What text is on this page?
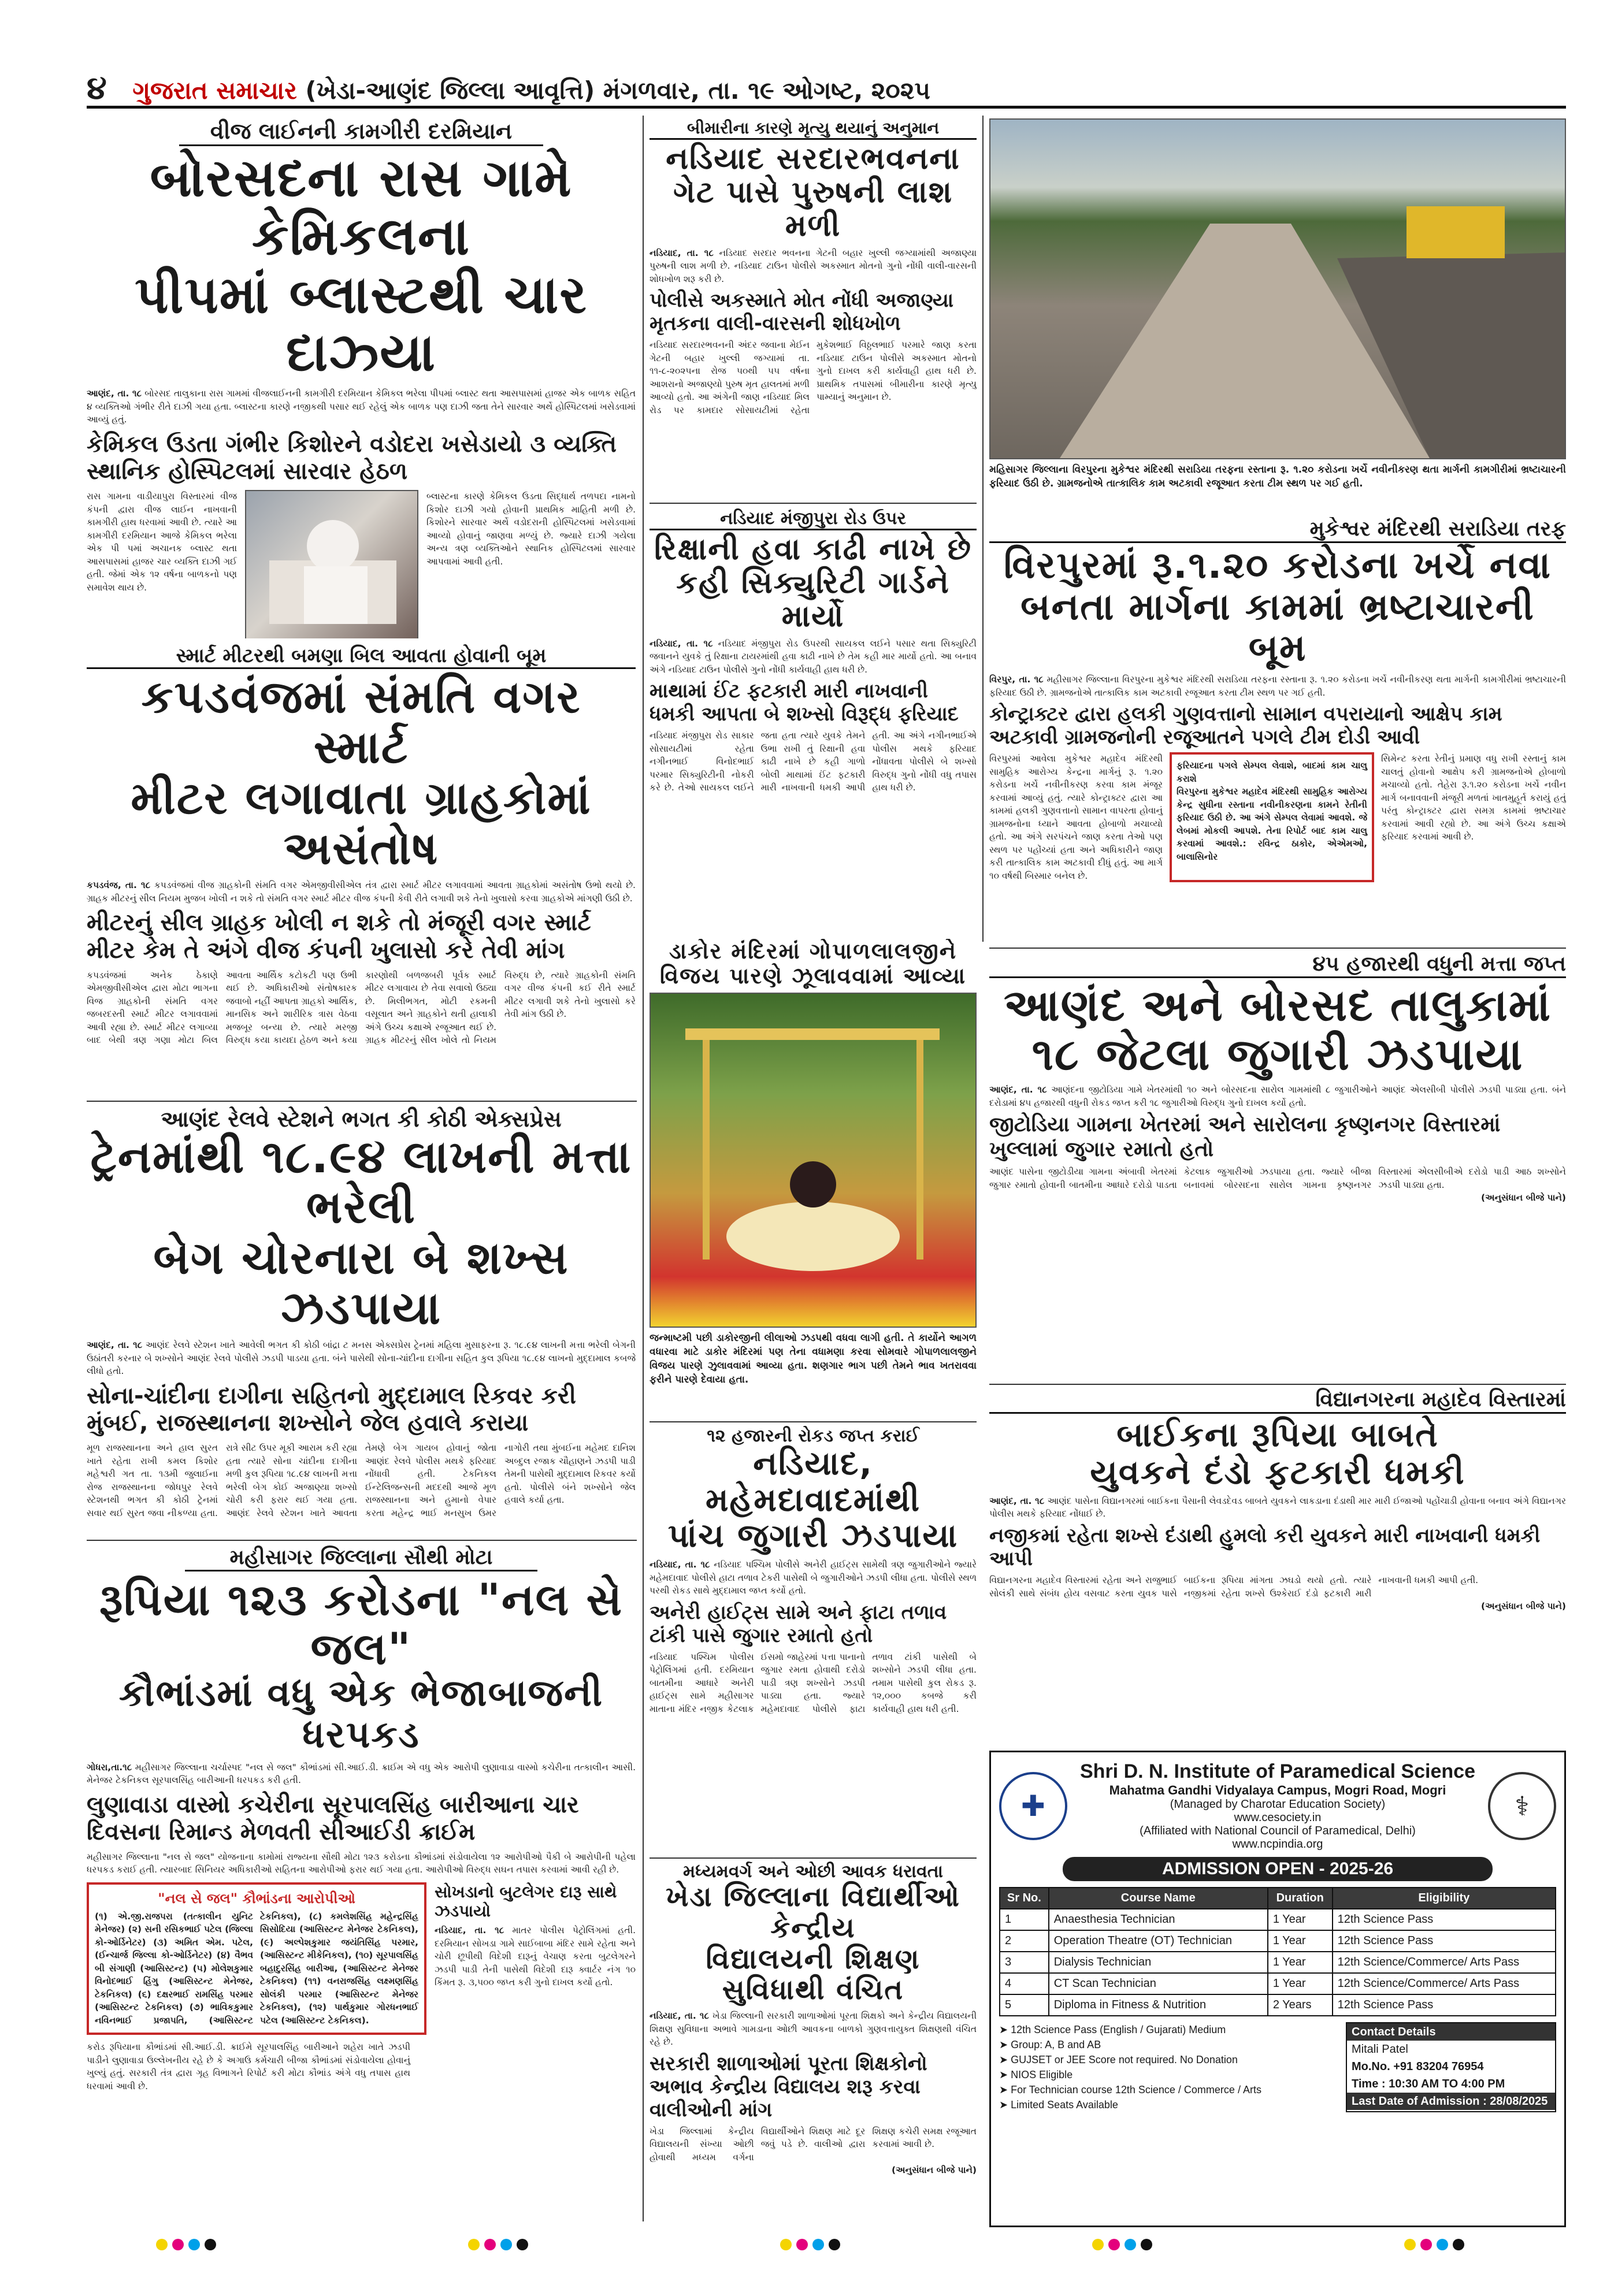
૪ ગુજરાત સમાચાર (ખેડા-આણંદ જિલ્લા આવૃત્તિ) મંગળવાર, તા. ૧૯ ઓગષ્ટ, ૨૦૨૫
વીજ લાઈનની કામગીરી દરમિયાન
બોરસદના રાસ ગામે કેમિકલના
પીપમાં બ્લાસ્ટથી ચાર દાઝ્યા
આણંદ, તા. ૧૮ બોરસદ તાલુકાના રાસ ગામમાં વીજલાઈનની કામગીરી દરમિયાન કેમિકલ ભરેલા પીપમાં બ્લાસ્ટ થતા આસપાસમાં હાજર એક બાળક સહિત ૪ વ્યક્તિઓ ગંભીર રીતે દાઝી ગયા હતા. બ્લાસ્ટના કારણે નજીકથી પસાર થઈ રહેલું એક બાળક પણ દાઝી જતા તેને સારવાર અર્થે હોસ્પિટલમાં ખસેડવામાં આવ્યું હતું.
કેમિકલ ઉડતા ગંભીર કિશોરને વડોદરા ખસેડાયો ૩ વ્યક્તિ સ્થાનિક હોસ્પિટલમાં સારવાર હેઠળ
રાસ ગામના વાડીયાપુરા વિસ્તારમાં વીજ કંપની દ્વારા વીજ લાઈન નાખવાની કામગીરી હાથ ધરવામાં આવી છે. ત્યારે આ કામગીરી દરમિયાન આજે કેમિકલ ભરેલા એક પી પમાં અચાનક બ્લાસ્ટ થતા આસપાસમાં હાજર ચાર વ્યક્તિ દાઝી ગઈ હતી. જેમાં એક ૧૨ વર્ષના બાળકનો પણ સમાવેશ થાય છે.
બ્લાસ્ટના કારણે કેમિકલ ઉડતા સિદ્ધાર્થ તળપદા નામનો કિશોર દાઝી ગયો હોવાની પ્રાથમિક માહિતી મળી છે. કિશોરને સારવાર અર્થે વડોદરાની હોસ્પિટલમાં ખસેડવામાં આવ્યો હોવાનું જાણવા મળ્યું છે. જ્યારે દાઝી ગયેલા અન્ય ત્રણ વ્યક્તિઓને સ્થાનિક હોસ્પિટલમાં સારવાર આપવામાં આવી હતી.
સ્માર્ટ મીટરથી બમણા બિલ આવતા હોવાની બૂમ
કપડવંજમાં સંમતિ વગર સ્માર્ટ
મીટર લગાવાતા ગ્રાહકોમાં અસંતોષ
કપડવંજ, તા. ૧૮ કપડવંજમાં વીજ ગ્રાહકોની સંમતિ વગર એમજીવીસીએલ તંત્ર દ્વારા સ્માર્ટ મીટર લગાવવામાં આવતા ગ્રાહકોમાં અસંતોષ ઉભો થયો છે. ગ્રાહક મીટરનું સીલ નિયમ મુજબ ખોલી ન શકે તો સંમતિ વગર સ્માર્ટ મીટર વીજ કંપની કેવી રીતે લગાવી શકે તેનો ખુલાસો કરવા ગ્રાહકોએ માંગણી ઉઠી છે.
મીટરનું સીલ ગ્રાહક ખોલી ન શકે તો મંજૂરી વગર સ્માર્ટ મીટર કેમ તે અંગે વીજ કંપની ખુલાસો કરે તેવી માંગ
કપડવંજમાં અનેક ઠેકાણે એમજીવીસીએલ દ્વારા મોટા ભાગના વિજ ગ્રાહકોની સંમતિ વગર જબરદસ્તી સ્માર્ટ મીટર લગાવવામાં આવી રહ્યા છે. સ્માર્ટ મીટર લગાવ્યા બાદ બેથી ત્રણ ગણા મોટા બિલ આવતા આર્થિક કટોકટી પણ ઉભી થઈ છે. અધિકારીઓ સંતોષકારક જવાબો નહીં આપતા ગ્રાહકો આર્થિક, માનસિક અને શારીરિક ત્રાસ વેઠવા મજબૂર બન્યા છે. ત્યારે મરજી વિરુદ્ધ કયા કાયદા હેઠળ અને કયા કારણોથી બળજબરી પૂર્વક સ્માર્ટ મીટર લગાવાય છે તેવા સવાલો ઉઠ્યા છે. મિલીભગત, મોટી રકમની વસૂલાત અને ગ્રાહકોને થતી હાલાકી અંગે ઉચ્ચ કક્ષાએ રજૂઆત થઈ છે. ગ્રાહક મીટરનું સીલ ખોલે તો નિયમ વિરુદ્ધ છે, ત્યારે ગ્રાહકોની સંમતિ વગર વીજ કંપની કઈ રીતે સ્માર્ટ મીટર લગાવી શકે તેનો ખુલાસો કરે તેવી માંગ ઉઠી છે.
આણંદ રેલવે સ્ટેશને ભગત કી કોઠી એક્સપ્રેસ
ટ્રેનમાંથી ૧૮.૯૪ લાખની મત્તા ભરેલી
બેગ ચોરનારા બે શખ્સ ઝડપાયા
આણંદ, તા. ૧૮ આણંદ રેલવે સ્ટેશન ખાતે આવેલી ભગત કી કોઠી બાંદ્રા ટ મનસ એક્સપ્રેસ ટ્રેનમાં મહિલા મુસાફરના રૂ. ૧૮.૯૪ લાખની મત્તા ભરેલી બેગની ઉઠાંતરી કરનાર બે શખ્સોને આણંદ રેલવે પોલીસે ઝડપી પાડયા હતા. બંને પાસેથી સોના-ચાંદીના દાગીના સહિત કુલ રૂપિયા ૧૮.૯૪ લાખનો મુદ્દામાલ કબજે લીધો હતો.
સોના-ચાંદીના દાગીના સહિતનો મુદ્દામાલ રિકવર કરી મુંબઈ, રાજસ્થાનના શખ્સોને જેલ હવાલે કરાયા
મૂળ રાજસ્થાનના અને હાલ સુરત ખાતે રહેતા રાખી કમલ કિશોર મહેશ્વરી ગત તા. ૧૩મી જુલાઈના રોજ રાજસ્થાનના જોધપુર રેલવે સ્ટેશનથી ભગત કી કોઠી ટ્રેનમાં સવાર થઈ સુરત જવા નીકળ્યા હતા. રાત્રે સીટ ઉપર મૂકી આરામ કરી રહ્યા હતા ત્યારે સોના ચાંદીના દાગીના મળી કુલ રૂપિયા ૧૮.૯૪ લાખની મત્તા ભરેલી બેગ કોઈ અજાણ્યા શખ્સો ચોરી કરી ફરાર થઈ ગયા હતા. આણંદ રેલવે સ્ટેશન ખાતે આવતા તેમણે બેગ ગાયબ હોવાનું જોતા આણંદ રેલવે પોલીસ મથકે ફરિયાદ નોંધાવી હતી. ટેકનિકલ ઈન્ટેલિજન્સની મદદથી આજે મૂળ રાજસ્થાનના અને હુમાનો વેપાર કરતા મહેન્દ્ર ભાઈ મનસુખ ઉમર નાગોરી તથા મુંબઈના મહેમદ દાનિશ અબ્દુલ રજાક ચૌહાણને ઝડપી પાડી તેમની પાસેથી મુદ્દામાલ રિકવર કર્યો હતો. પોલીસે બંને શખ્સોને જેલ હવાલે કર્યા હતા.
મહીસાગર જિલ્લાના સૌથી મોટા
રૂપિયા ૧૨૩ કરોડના "નલ સે જલ"
કૌભાંડમાં વધુ એક ભેજાબાજની ધરપકડ
ગોધરા,તા.૧૮ મહીસાગર જિલ્લાના ચર્ચાસ્પદ "નલ સે જલ" કૌભાંડમાં સી.આઈ.ડી. ક્રાઈમ એ વધુ એક આરોપી લુણાવાડા વાસ્મો કચેરીના તત્કાલીન આસી. મેનેજર ટેકનિકલ સૂરપાલસિંહ બારીઆની ધરપકડ કરી હતી.
લુણાવાડા વાસ્મો કચેરીના સૂરપાલસિંહ બારીઆના ચાર દિવસના રિમાન્ડ મેળવતી સીઆઈડી ક્રાઈમ
મહીસાગર જિલ્લાના "નલ સે જલ" યોજનાના કામોમાં રાજ્યના સૌથી મોટા ૧૨૩ કરોડના કૌભાંડમાં સંડોવાયેલા ૧૨ આરોપીઓ પૈકી બે આરોપીની પહેલા ધરપકડ કરાઈ હતી. ત્યારબાદ સિનિયર અધિકારીઓ સહિતના આરોપીઓ ફરાર થઈ ગયા હતા. આરોપીઓ વિરુદ્ધ સઘન તપાસ કરવામાં આવી રહી છે.
"નલ સે જલ" કૌભાંડના આરોપીઓ
(૧) એ.જી.રાજપરા (તત્કાલીન યુનિટ મેનેજર) (૨) સની રસિકભાઈ પટેલ (જિલ્લા કો-ઓર્ડિનેટર) (૩) અમિત એમ. પટેલ, (ઈન્ચાર્જ જિલ્લા કો-ઓર્ડિનેટર) (૪) વૈભવ બી સંગાણી (આસિસ્ટન્ટ) (૫) મોલેશકુમાર વિનોદભાઈ હિંગુ (આસિસ્ટન્ટ મેનેજર, ટેકનિકલ) (૬) દક્ષરભાઈ રામસિંહ પરમાર (આસિસ્ટન્ટ ટેકનિકલ) (૭) ભાવિકકુમાર નવિનભાઈ પ્રજાપતિ, (આસિસ્ટન્ટ ટેકનિકલ), (૮) કમલેશસિંહ મહેન્દ્રસિંહ સિસોદિયા (આસિસ્ટન્ટ મેનેજર ટેકનિકલ), (૯) અલ્પેશકુમાર જયંતિસિંહ પરમાર, (આસિસ્ટન્ટ મીકેનિકલ), (૧૦) સૂરપાલસિંહ બહાદુરસિંહ બારીઆ, (આસિસ્ટન્ટ મેનેજર ટેકનિકલ) (૧૧) વનરાજસિંહ લક્ષ્મણસિંહ સોલંકી પરમાર (આસિસ્ટન્ટ મેનેજર ટેકનિકલ), (૧૨) પાર્થકુમાર ગોરધનભાઈ પટેલ (આસિસ્ટન્ટ ટેકનિકલ).
સોખડાનો બુટલેગર દારૂ સાથે ઝડપાયો
નડિયાદ, તા. ૧૮ માતર પોલીસ પેટ્રોલિંગમાં હતી. દરમિયાન સોખડા ગામે સાઈબાબા મંદિર સામે રહેતા અને ચોરી છૂપીથી વિદેશી દારૂનું વેચાણ કરતા બુટલેગરને ઝડપી પાડી તેની પાસેથી વિદેશી દારૂ ક્વાર્ટર નંગ ૧૦ કિંમત રૂ. ૩,૫૦૦ જપ્ત કરી ગુનો દાખલ કર્યો હતો.
કરોડ રૂપિયાના કૌભાંડમાં સી.આઈ.ડી. ક્રાઈમે સૂરપાલસિંહ બારીઆને શહેરા ખાતે ઝડપી પાડીને લુણાવાડા ઉલ્લેખનીય રહે છે કે અગાઉ કર્મચારી બીજા કૌભાંડમાં સંડોવાયેલા હોવાનું ખુલ્યું હતું. સરકારી તંત્ર દ્વારા ગૃહ વિભાગને રિપોર્ટ કરી મોટા કૌભાંડ અંગે વધુ તપાસ હાથ ધરવામાં આવી છે.
બીમારીના કારણે મૃત્યુ થયાનું અનુમાન
નડિયાદ સરદારભવનના
ગેટ પાસે પુરુષની લાશ મળી
નડિયાદ, તા. ૧૮ નડિયાદ સરદાર ભવનના ગેટની બહાર ખુલ્લી જગ્યામાંથી અજાણ્યા પુરુષની લાશ મળી છે. નડિયાદ ટાઉન પોલીસે અકસ્માત મોતનો ગુનો નોંધી વાલી-વારસની શોધખોળ શરૂ કરી છે.
પોલીસે અકસ્માતે મોત નોંધી અજાણ્યા મૃતકના વાલી-વારસની શોધખોળ
નડિયાદ સરદારભવનની અંદર જવાના મેઈન ગેટની બહાર ખુલ્લી જગ્યામાં તા. ૧૧-૮-૨૦૨૫ના રોજ ૫૦થી ૫૫ વર્ષના આશરાનો અજાણ્યો પુરુષ મૃત હાલતમાં મળી આવ્યો હતો. આ અંગેની જાણ નડિયાદ મિલ રોડ પર કામદાર સોસાયટીમાં રહેતા મુકેશભાઈ વિઠ્ઠલભાઈ પરમારે જાણ કરતા નડિયાદ ટાઉન પોલીસે અકસ્માત મોતનો ગુનો દાખલ કરી કાર્યવાહી હાથ ધરી છે. પ્રાથમિક તપાસમાં બીમારીના કારણે મૃત્યુ પામ્યાનું અનુમાન છે.
નડિયાદ મંજીપુરા રોડ ઉપર
રિક્ષાની હવા કાઢી નાખે છે
કહી સિક્યુરિટી ગાર્ડને માર્યો
નડિયાદ, તા. ૧૮ નડિયાદ મંજીપુરા રોડ ઉપરથી સાયકલ લઈને પસાર થતા સિક્યુરિટી જવાનને યુવકે તું રિક્ષાના ટાયરમાંથી હવા કાઢી નાખે છે તેમ કહી માર માર્યો હતો. આ બનાવ અંગે નડિયાદ ટાઉન પોલીસે ગુનો નોંધી કાર્યવાહી હાથ ધરી છે.
માથામાં ઈંટ ફટકારી મારી નાખવાની ધમકી આપતા બે શખ્સો વિરૂદ્ધ ફરિયાદ
નડિયાદ મંજીપુરા રોડ સાકાર સોસાયટીમાં રહેતા નગીનભાઈ વિનોદભાઈ પરમાર સિક્યુરિટીની નોકરી કરે છે. તેઓ સાયકલ લઈને જતા હતા ત્યારે યુવકે તેમને ઉભા રાખી તું રિક્ષાની હવા કાઢી નાખે છે કહી ગાળો બોલી માથામાં ઈંટ ફટકારી મારી નાખવાની ધમકી આપી હતી. આ અંગે નગીનભાઈએ પોલીસ મથકે ફરિયાદ નોંધાવતા પોલીસે બે શખ્સો વિરુદ્ધ ગુનો નોંધી વધુ તપાસ હાથ ધરી છે.
ડાકોર મંદિરમાં ગોપાળલાલજીને
વિજય પારણે ઝૂલાવવામાં આવ્યા
જન્માષ્ટમી પછી ડાકોરજીની લીલાઓ ઝડપથી વધવા લાગી હતી. તે કાર્યોને આગળ વધારવા માટે ડાકોર મંદિરમાં પણ તેના વધામણા કરવા સોમવારે ગોપાળલાલજીને વિજય પારણે ઝુલાવવામાં આવ્યા હતા. શણગાર ભાગ પછી તેમને ભાવ ખતરાવવા ફરીને પારણે દેવાયા હતા.
૧૨ હજારની રોકડ જપ્ત કરાઈ
નડિયાદ, મહેમદાવાદમાંથી
પાંચ જુગારી ઝડપાયા
નડિયાદ, તા. ૧૮ નડિયાદ પશ્ચિમ પોલીસે અનેરી હાઈટ્સ સામેથી ત્રણ જુગારીઓને જ્યારે મહેમદાવાદ પોલીસે હાટા તળાવ ટેકરી પાસેથી બે જુગારીઓને ઝડપી લીધા હતા. પોલીસે સ્થળ પરથી રોકડ સાથે મુદ્દામાલ જપ્ત કર્યો હતો.
અનેરી હાઈટ્સ સામે અને ફાટા તળાવ ટાંકી પાસે જુગાર રમાતો હતો
નડિયાદ પશ્ચિમ પોલીસ પેટ્રોલિંગમાં હતી. દરમિયાન બાતમીના આધારે અનેરી હાઈટ્સ સામે મહીસાગર માતાના મંદિર નજીક કેટલાક ઈસમો જાહેરમાં પત્તા પાનાનો જુગાર રમતા હોવાથી દરોડો પાડી ત્રણ શખ્સોને ઝડપી પાડ્યા હતા. જ્યારે મહેમદાવાદ પોલીસે ફાટા તળાવ ટાંકી પાસેથી બે શખ્સોને ઝડપી લીધા હતા. તમામ પાસેથી કુલ રોકડ રૂ. ૧૨,૦૦૦ કબજે કરી કાર્યવાહી હાથ ધરી હતી.
મધ્યમવર્ગ અને ઓછી આવક ધરાવતા
ખેડા જિલ્લાના વિદ્યાર્થીઓ કેન્દ્રીય
વિદ્યાલયની શિક્ષણ સુવિધાથી વંચિત
નડિયાદ, તા. ૧૮ ખેડા જિલ્લાની સરકારી શાળાઓમાં પૂરતા શિક્ષકો અને કેન્દ્રીય વિદ્યાલયની શિક્ષણ સુવિધાના અભાવે ગામડાના ઓછી આવકના બાળકો ગુણવત્તાયુક્ત શિક્ષણથી વંચિત રહે છે.
સરકારી શાળાઓમાં પૂરતા શિક્ષકોનો અભાવ કેન્દ્રીય વિદ્યાલય શરૂ કરવા વાલીઓની માંગ
ખેડા જિલ્લામાં કેન્દ્રીય વિદ્યાલયની સંખ્યા ઓછી હોવાથી મધ્યમ વર્ગના વિદ્યાર્થીઓને શિક્ષણ માટે દૂર જવું પડે છે. વાલીઓ દ્વારા શિક્ષણ કચેરી સમક્ષ રજૂઆત કરવામાં આવી છે.
(અનુસંધાન બીજે પાને)
મહિસાગર જિલ્લાના વિરપુરના મુકેશ્વર મંદિરથી સરાડિયા તરફના રસ્તાના રૂ. ૧.૨૦ કરોડના ખર્ચે નવીનીકરણ થતા માર્ગની કામગીરીમાં ભ્રષ્ટાચારની ફરિયાદ ઉઠી છે. ગ્રામજનોએ તાત્કાલિક કામ અટકાવી રજૂઆત કરતા ટીમ સ્થળ પર ગઈ હતી.
મુકેશ્વર મંદિરથી સરાડિયા તરફ
વિરપુરમાં રૂ.૧.૨૦ કરોડના ખર્ચે નવા
બનતા માર્ગના કામમાં ભ્રષ્ટાચારની બૂમ
વિરપુર, તા. ૧૮ મહીસાગર જિલ્લાના વિરપુરના મુકેશ્વર મંદિરથી સરાડિયા તરફના રસ્તાના રૂ. ૧.૨૦ કરોડના ખર્ચે નવીનીકરણ થતા માર્ગની કામગીરીમાં ભ્રષ્ટાચારની ફરિયાદ ઉઠી છે. ગ્રામજનોએ તાત્કાલિક કામ અટકાવી રજૂઆત કરતા ટીમ સ્થળ પર ગઈ હતી.
કોન્ટ્રાક્ટર દ્વારા હલકી ગુણવત્તાનો સામાન વપરાયાનો આક્ષેપ કામ અટકાવી ગ્રામજનોની રજૂઆતને પગલે ટીમ દોડી આવી
વિરપુરમાં આવેલા મુકેશ્વર મહાદેવ મંદિરથી સામુહિક આરોગ્ય કેન્દ્રના માર્ગનું રૂ. ૧.૨૦ કરોડના ખર્ચે નવીનીકરણ કરવા કામ મંજૂર કરવામાં આવ્યું હતું. ત્યારે કોન્ટ્રાક્ટર દ્વારા આ કામમાં હલકી ગુણવત્તાનો સામાન વાપરતા હોવાનું ગ્રામજનોના ધ્યાને આવતા હોબાળો મચાવ્યો હતો. આ અંગે સરપંચને જાણ કરતા તેઓ પણ સ્થળ પર પહોંચ્યાં હતા અને અધિકારીને જાણ કરી તાત્કાલિક કામ અટકાવી દીધું હતું. આ માર્ગ ૧૦ વર્ષથી બિસ્માર બનેલ છે.
ફરિયાદના પગલે સેમ્પલ લેવાશે, બાદમાં કામ ચાલુ કરાશે
વિરપુરના મુકેશ્વર મહાદેવ મંદિરથી સામુહિક આરોગ્ય કેન્દ્ર સુધીના રસ્તાના નવીનીકરણના કામને રેતીની ફરિયાદ ઉઠી છે. આ અંગે સેમ્પલ લેવામાં આવશે. જે લેબમાં મોકલી આપશે. તેના રિપોર્ટ બાદ કામ ચાલુ કરવામાં આવશે.: રવિન્દ્ર ઠાકોર, એએમઓ, બાલાસિનોર
સિમેન્ટ કરતા રેતીનું પ્રમાણ વધુ રાખી રસ્તાનું કામ ચાલતું હોવાનો આક્ષેપ કરી ગ્રામજનોએ હોબાળો મચાવ્યો હતો. તેહેરા રૂ.૧.૨૦ કરોડના ખર્ચે નવીન માર્ગ બનાવવાની મંજૂરી મળતાં ખાતમુહૂર્ત કરાયું હતું પરંતુ કોન્ટ્રાક્ટર દ્વારા સમગ્ર કામમાં ભ્રષ્ટાચાર કરવામાં આવી રહ્યો છે. આ અંગે ઉચ્ચ કક્ષાએ ફરિયાદ કરવામાં આવી છે.
૪૫ હજારથી વધુની મત્તા જપ્ત
આણંદ અને બોરસદ તાલુકામાં
૧૮ જેટલા જુગારી ઝડપાયા
આણંદ, તા. ૧૮ આણંદના જીટોડિયા ગામે ખેતરમાંથી ૧૦ અને બોરસદના સારોલ ગામમાંથી ૮ જુગારીઓને આણંદ એલસીબી પોલીસે ઝડપી પાડ્યા હતા. બંને દરોડામાં ૪૫ હજારથી વધુની રોકડ જપ્ત કરી ૧૮ જુગારીઓ વિરુદ્ધ ગુનો દાખલ કર્યો હતો.
જીટોડિયા ગામના ખેતરમાં અને સારોલના કૃષ્ણનગર વિસ્તારમાં ખુલ્લામાં જુગાર રમાતો હતો
આણંદ પાસેના જીટોડીયા ગામના અંબાવી ખેતરમાં જુગાર રમાતો હોવાની બાતમીના આધારે દરોડો પાડતા કેટલાક જુગારીઓ ઝડપાયા હતા. જ્યારે બીજા બનાવમાં બોરસદના સારોલ ગામના કૃષ્ણનગર વિસ્તારમાં એલસીબીએ દરોડો પાડી આઠ શખ્સોને ઝડપી પાડ્યા હતા.
(અનુસંધાન બીજે પાને)
વિદ્યાનગરના મહાદેવ વિસ્તારમાં
બાઈકના રૂપિયા બાબતે
યુવકને દંડો ફટકારી ધમકી
આણંદ, તા. ૧૮ આણંદ પાસેના વિદ્યાનગરમાં બાઈકના પૈસાની લેવડદેવડ બાબતે યુવકને લાકડાના દંડાથી માર મારી ઈજાઓ પહોંચાડી હોવાના બનાવ અંગે વિદ્યાનગર પોલીસ મથકે ફરિયાદ નોંધાઈ છે.
નજીકમાં રહેતા શખ્સે દંડાથી હુમલો કરી યુવકને મારી નાખવાની ધમકી આપી
વિદ્યાનગરના મહાદેવ વિસ્તારમાં રહેતા અને રાજુભાઈ સોલંકી સાથે સંબંધ હોય વસવાટ કરતા યુવક પાસે બાઈકના રૂપિયા માંગતા ઝઘડો થયો હતો. ત્યારે નજીકમાં રહેતા શખ્સે ઉશ્કેરાઈ દંડો ફટકારી મારી નાખવાની ધમકી આપી હતી.
(અનુસંધાન બીજે પાને)
✚
Shri D. N. Institute of Paramedical Science
Mahatma Gandhi Vidyalaya Campus, Mogri Road, Mogri
(Managed by Charotar Education Society)
www.cesociety.in
(Affiliated with National Council of Paramedical, Delhi)
www.ncpindia.org
⚕
ADMISSION OPEN - 2025-26
Sr No.	Course Name	Duration	Eligibility
1	Anaesthesia Technician	1 Year	12th Science Pass
2	Operation Theatre (OT) Technician	1 Year	12th Science Pass
3	Dialysis Technician	1 Year	12th Science/Commerce/ Arts Pass
4	CT Scan Technician	1 Year	12th Science/Commerce/ Arts Pass
5	Diploma in Fitness & Nutrition	2 Years	12th Science Pass
➤ 12th Science Pass (English / Gujarati) Medium
➤ Group: A, B and AB
➤ GUJSET or JEE Score not required. No Donation
➤ NIOS Eligible
➤ For Technician course 12th Science / Commerce / Arts
➤ Limited Seats Available
Contact Details
Mitali Patel
Mo.No. +91 83204 76954
Time : 10:30 AM TO 4:00 PM
Last Date of Admission : 28/08/2025
